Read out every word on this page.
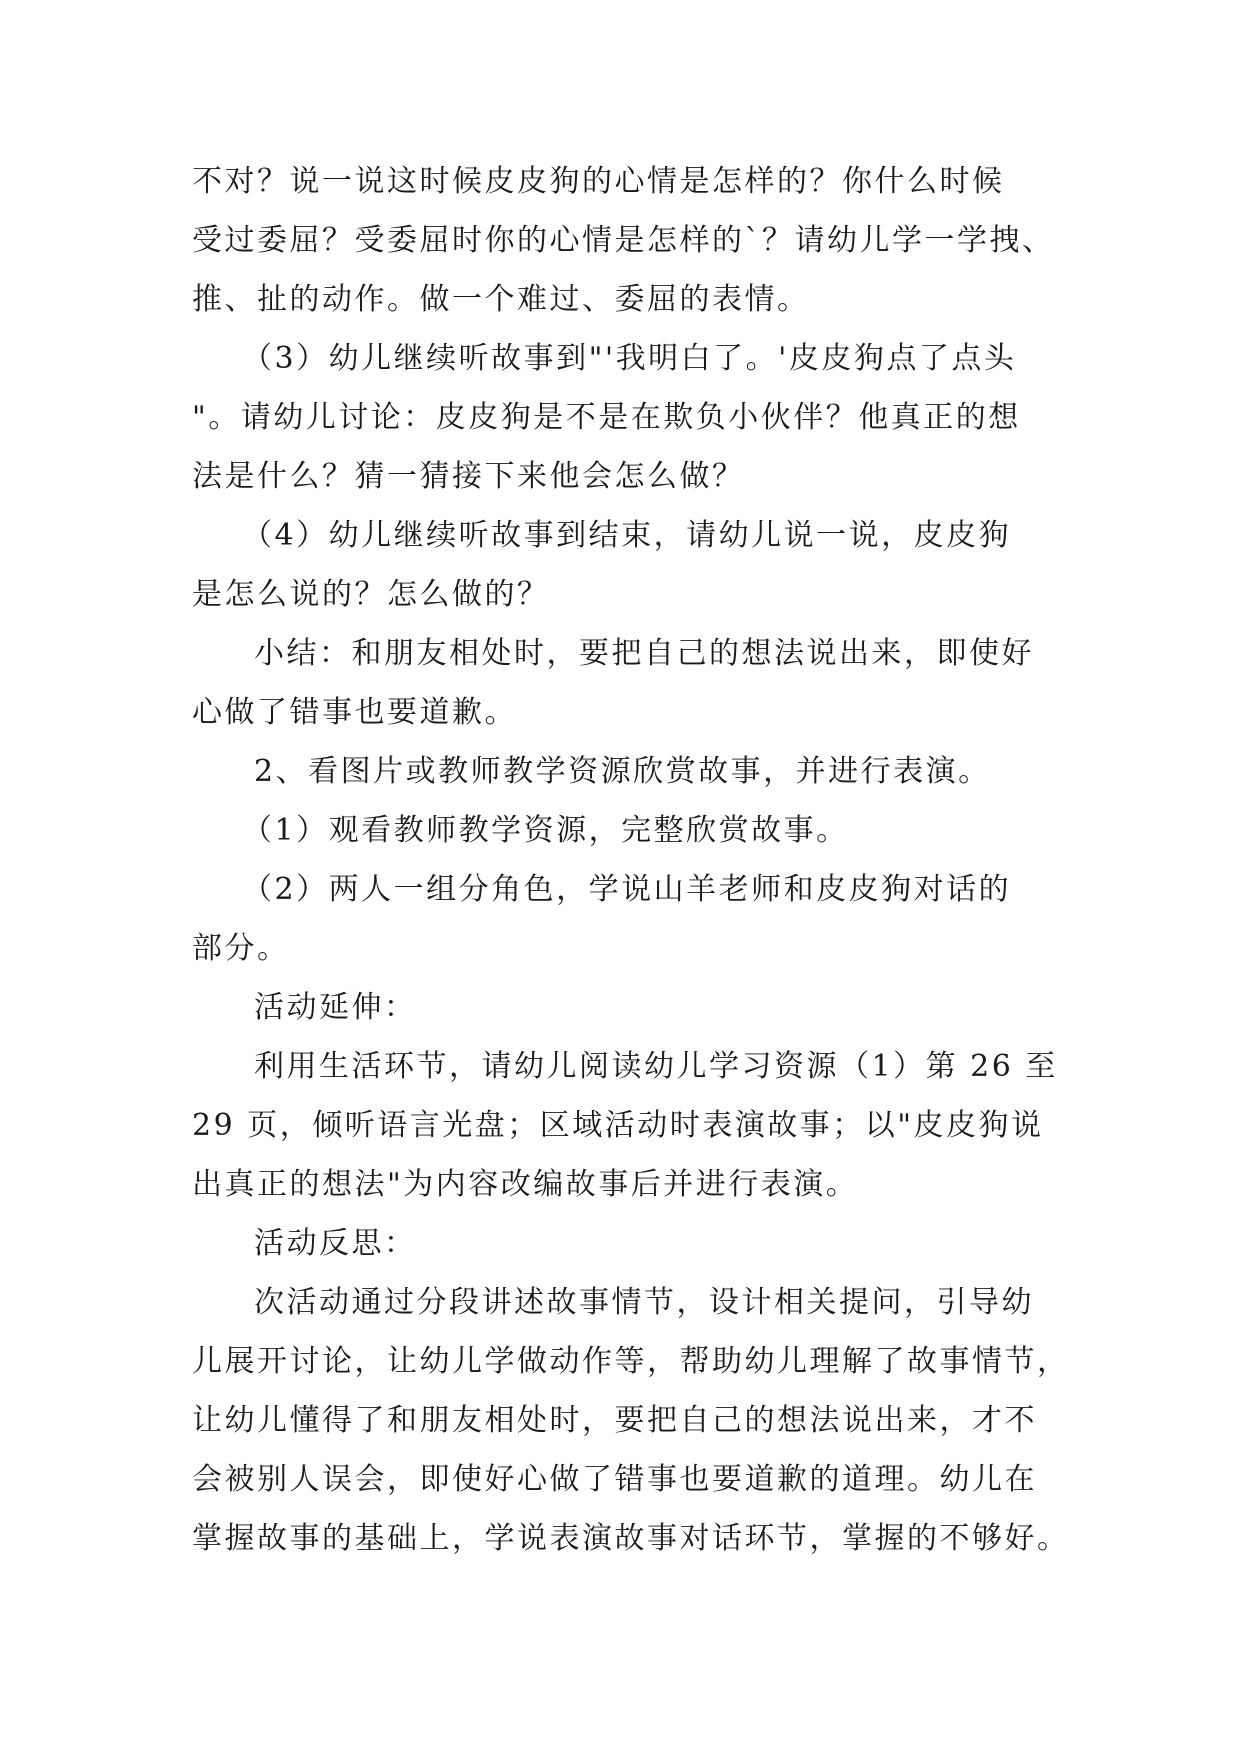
不对？说一说这时候皮皮狗的心情是怎样的？你什么时候
受过委屈？受委屈时你的心情是怎样的`？请幼儿学一学拽、
推、扯的动作。做一个难过、委屈的表情。
（3）幼儿继续听故事到"'我明白了。'皮皮狗点了点头
"。请幼儿讨论：皮皮狗是不是在欺负小伙伴？他真正的想
法是什么？猜一猜接下来他会怎么做？
（4）幼儿继续听故事到结束，请幼儿说一说，皮皮狗
是怎么说的？怎么做的？
小结：和朋友相处时，要把自己的想法说出来，即使好
心做了错事也要道歉。
2、看图片或教师教学资源欣赏故事，并进行表演。
（1）观看教师教学资源，完整欣赏故事。
（2）两人一组分角色，学说山羊老师和皮皮狗对话的
部分。
活动延伸：
利用生活环节，请幼儿阅读幼儿学习资源（1）第 26 至
29 页，倾听语言光盘；区域活动时表演故事；以"皮皮狗说
出真正的想法"为内容改编故事后并进行表演。
活动反思：
次活动通过分段讲述故事情节，设计相关提问，引导幼
儿展开讨论，让幼儿学做动作等，帮助幼儿理解了故事情节，
让幼儿懂得了和朋友相处时，要把自己的想法说出来，才不
会被别人误会，即使好心做了错事也要道歉的道理。幼儿在
掌握故事的基础上，学说表演故事对话环节，掌握的不够好。
